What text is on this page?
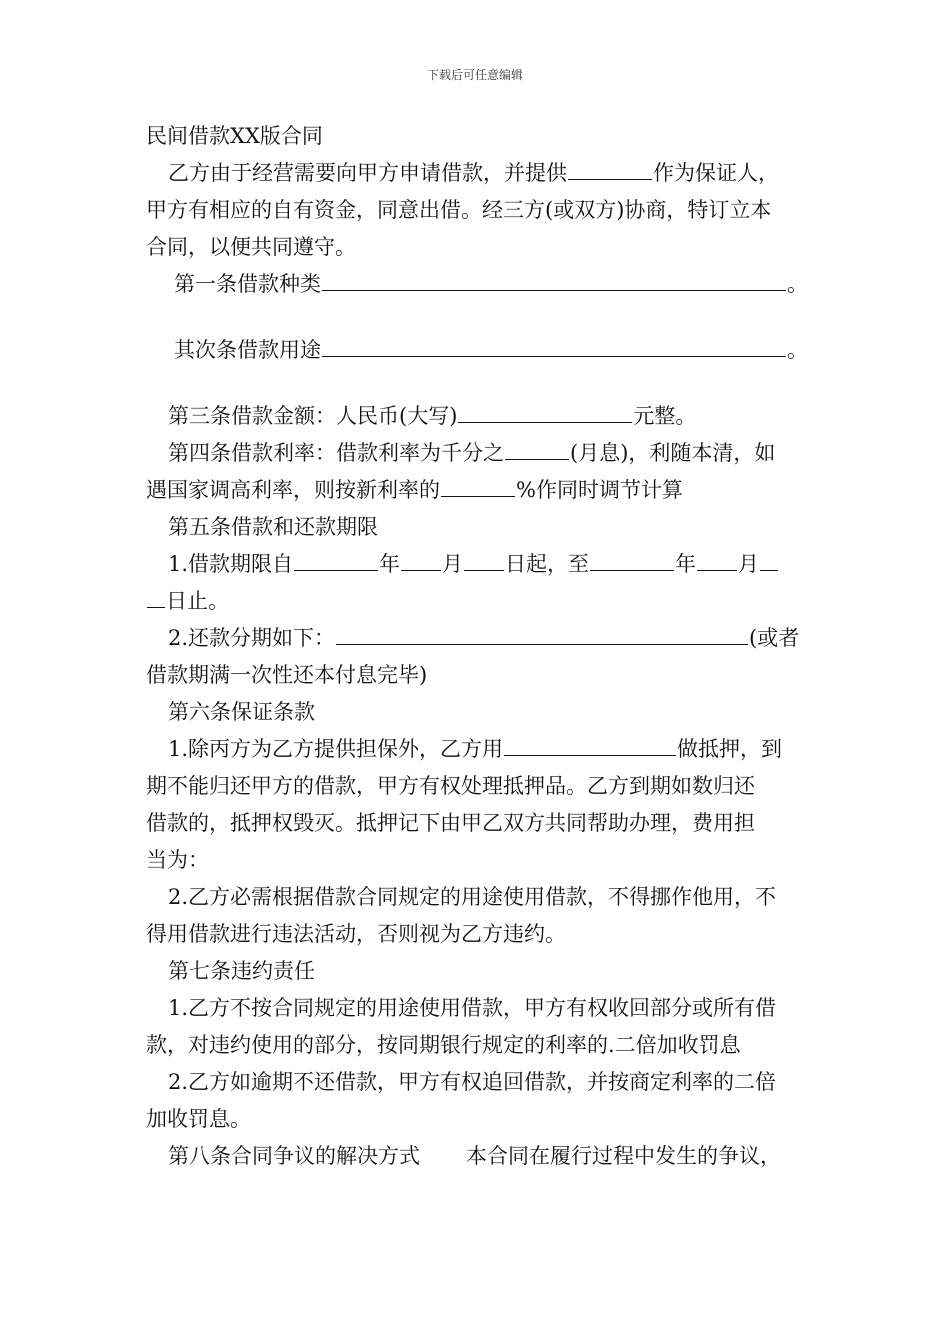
下载后可任意编辑
民间借款XX版合同
乙方由于经营需要向甲方申请借款，并提供	作为保证人，
甲方有相应的自有资金，同意出借。经三方(或双方)协商，特订立本
合同，以便共同遵守。
第一条借款种类	。
其次条借款用途	。
第三条借款金额：人民币(大写)	元整。
第四条借款利率：借款利率为千分之	(月息)，利随本清，如
遇国家调高利率，则按新利率的	%作同时调节计算
第五条借款和还款期限
1.借款期限自	年 月 日起，至	年 月
日止。
2.还款分期如下：	(或者
借款期满一次性还本付息完毕)
第六条保证条款
1.除丙方为乙方提供担保外，乙方用	做抵押，到
期不能归还甲方的借款，甲方有权处理抵押品。乙方到期如数归还
借款的，抵押权毁灭。抵押记下由甲乙双方共同帮助办理，费用担
当为：
2.乙方必需根据借款合同规定的用途使用借款，不得挪作他用，不
得用借款进行违法活动，否则视为乙方违约。
第七条违约责任
1.乙方不按合同规定的用途使用借款，甲方有权收回部分或所有借
款，对违约使用的部分，按同期银行规定的利率的.二倍加收罚息
2.乙方如逾期不还借款，甲方有权追回借款，并按商定利率的二倍
加收罚息。
第八条合同争议的解决方式 本合同在履行过程中发生的争议，
